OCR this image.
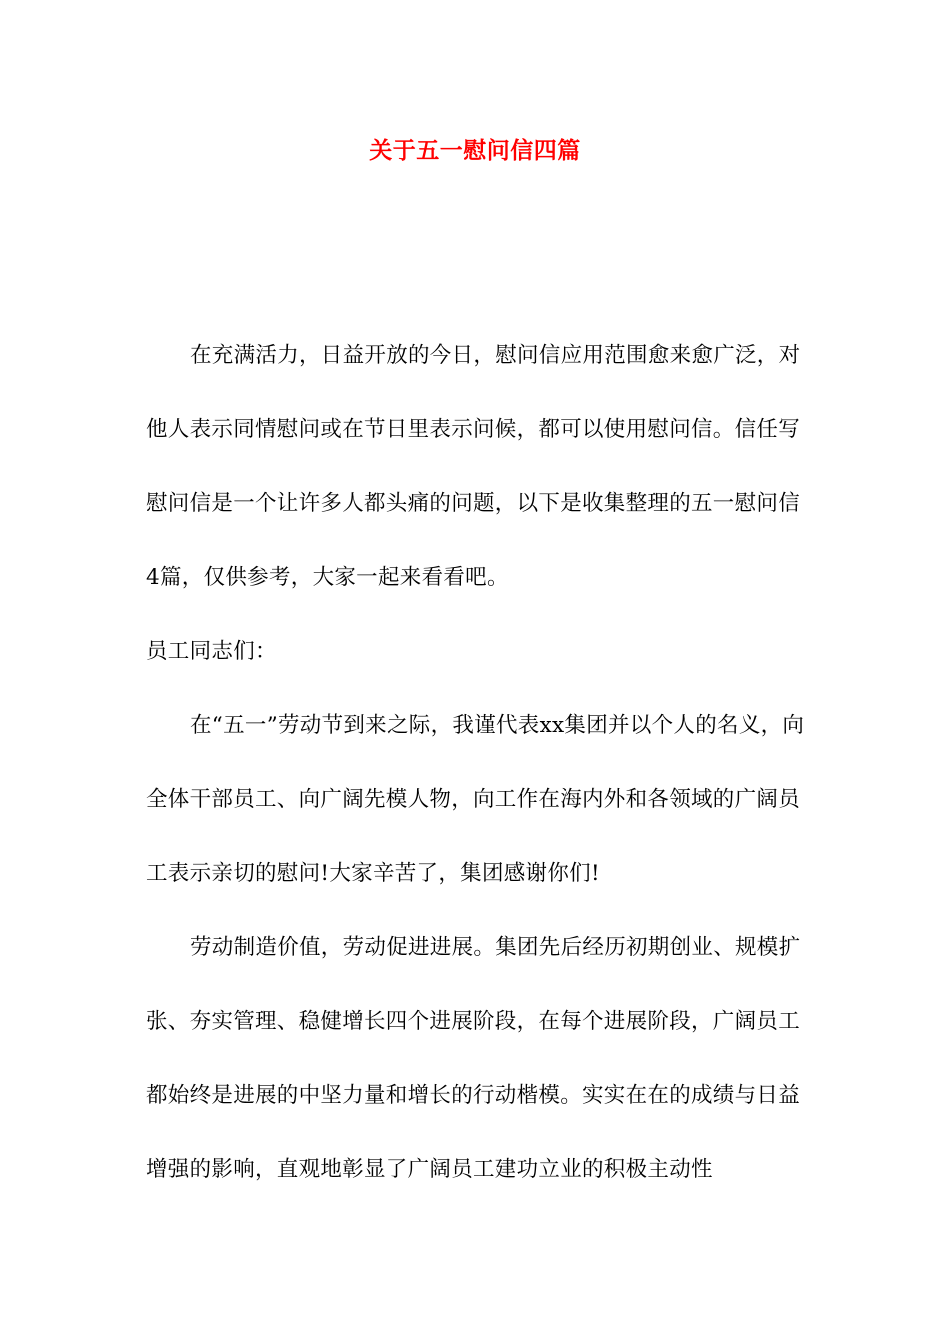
关于五一慰问信四篇

在充满活力，日益开放的今日，慰问信应用范围愈来愈广泛，对他人表示同情慰问或在节日里表示问候，都可以使用慰问信。信任写慰问信是一个让许多人都头痛的问题，以下是收集整理的五一慰问信4篇，仅供参考，大家一起来看看吧。

员工同志们：

在“五一”劳动节到来之际，我谨代表xx集团并以个人的名义，向全体干部员工、向广阔先模人物，向工作在海内外和各领域的广阔员工表示亲切的慰问!大家辛苦了，集团感谢你们!

劳动制造价值，劳动促进进展。集团先后经历初期创业、规模扩张、夯实管理、稳健增长四个进展阶段，在每个进展阶段，广阔员工都始终是进展的中坚力量和增长的行动楷模。实实在在的成绩与日益增强的影响，直观地彰显了广阔员工建功立业的积极主动性
